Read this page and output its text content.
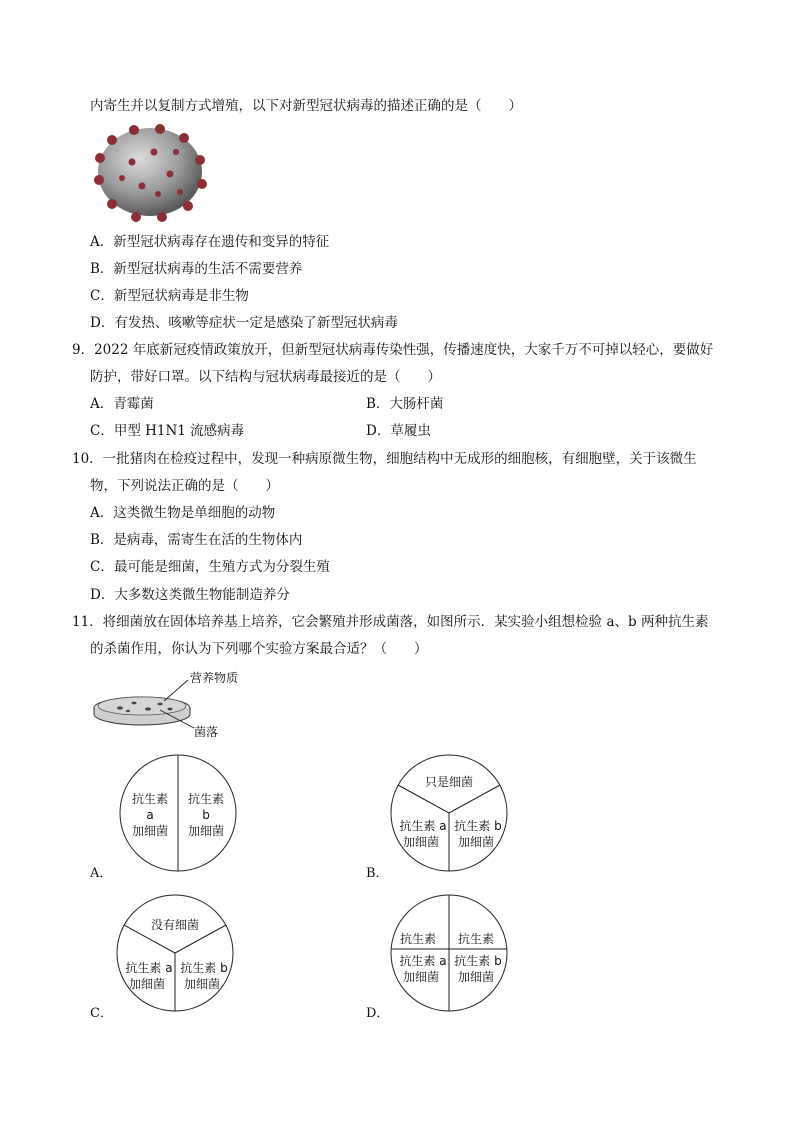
内寄生并以复制方式增殖，以下对新型冠状病毒的描述正确的是（　　）
A．新型冠状病毒存在遗传和变异的特征
B．新型冠状病毒的生活不需要营养
C．新型冠状病毒是非生物
D．有发热、咳嗽等症状一定是感染了新型冠状病毒
9．2022 年底新冠疫情政策放开，但新型冠状病毒传染性强，传播速度快，大家千万不可掉以轻心，要做好
防护，带好口罩。以下结构与冠状病毒最接近的是（　　）
A．青霉菌	B．大肠杆菌
C．甲型 H1N1 流感病毒	D．草履虫
10．一批猪肉在检疫过程中，发现一种病原微生物，细胞结构中无成形的细胞核，有细胞壁，关于该微生
物，下列说法正确的是（　　）
A．这类微生物是单细胞的动物
B．是病毒，需寄生在活的生物体内
C．最可能是细菌，生殖方式为分裂生殖
D．大多数这类微生物能制造养分
11．将细菌放在固体培养基上培养，它会繁殖并形成菌落，如图所示．某实验小组想检验 a、b 两种抗生素
的杀菌作用，你认为下列哪个实验方案最合适？（　　）
营养物质
菌落
抗生素
a
加细菌
抗生素
b
加细菌
A．
只是细菌
抗生素 a
加细菌
抗生素 b
加细菌
B．
没有细菌
抗生素 a
加细菌
抗生素 b
加细菌
C．
抗生素 抗生素
抗生素 a
加细菌
抗生素 b
加细菌
D．
